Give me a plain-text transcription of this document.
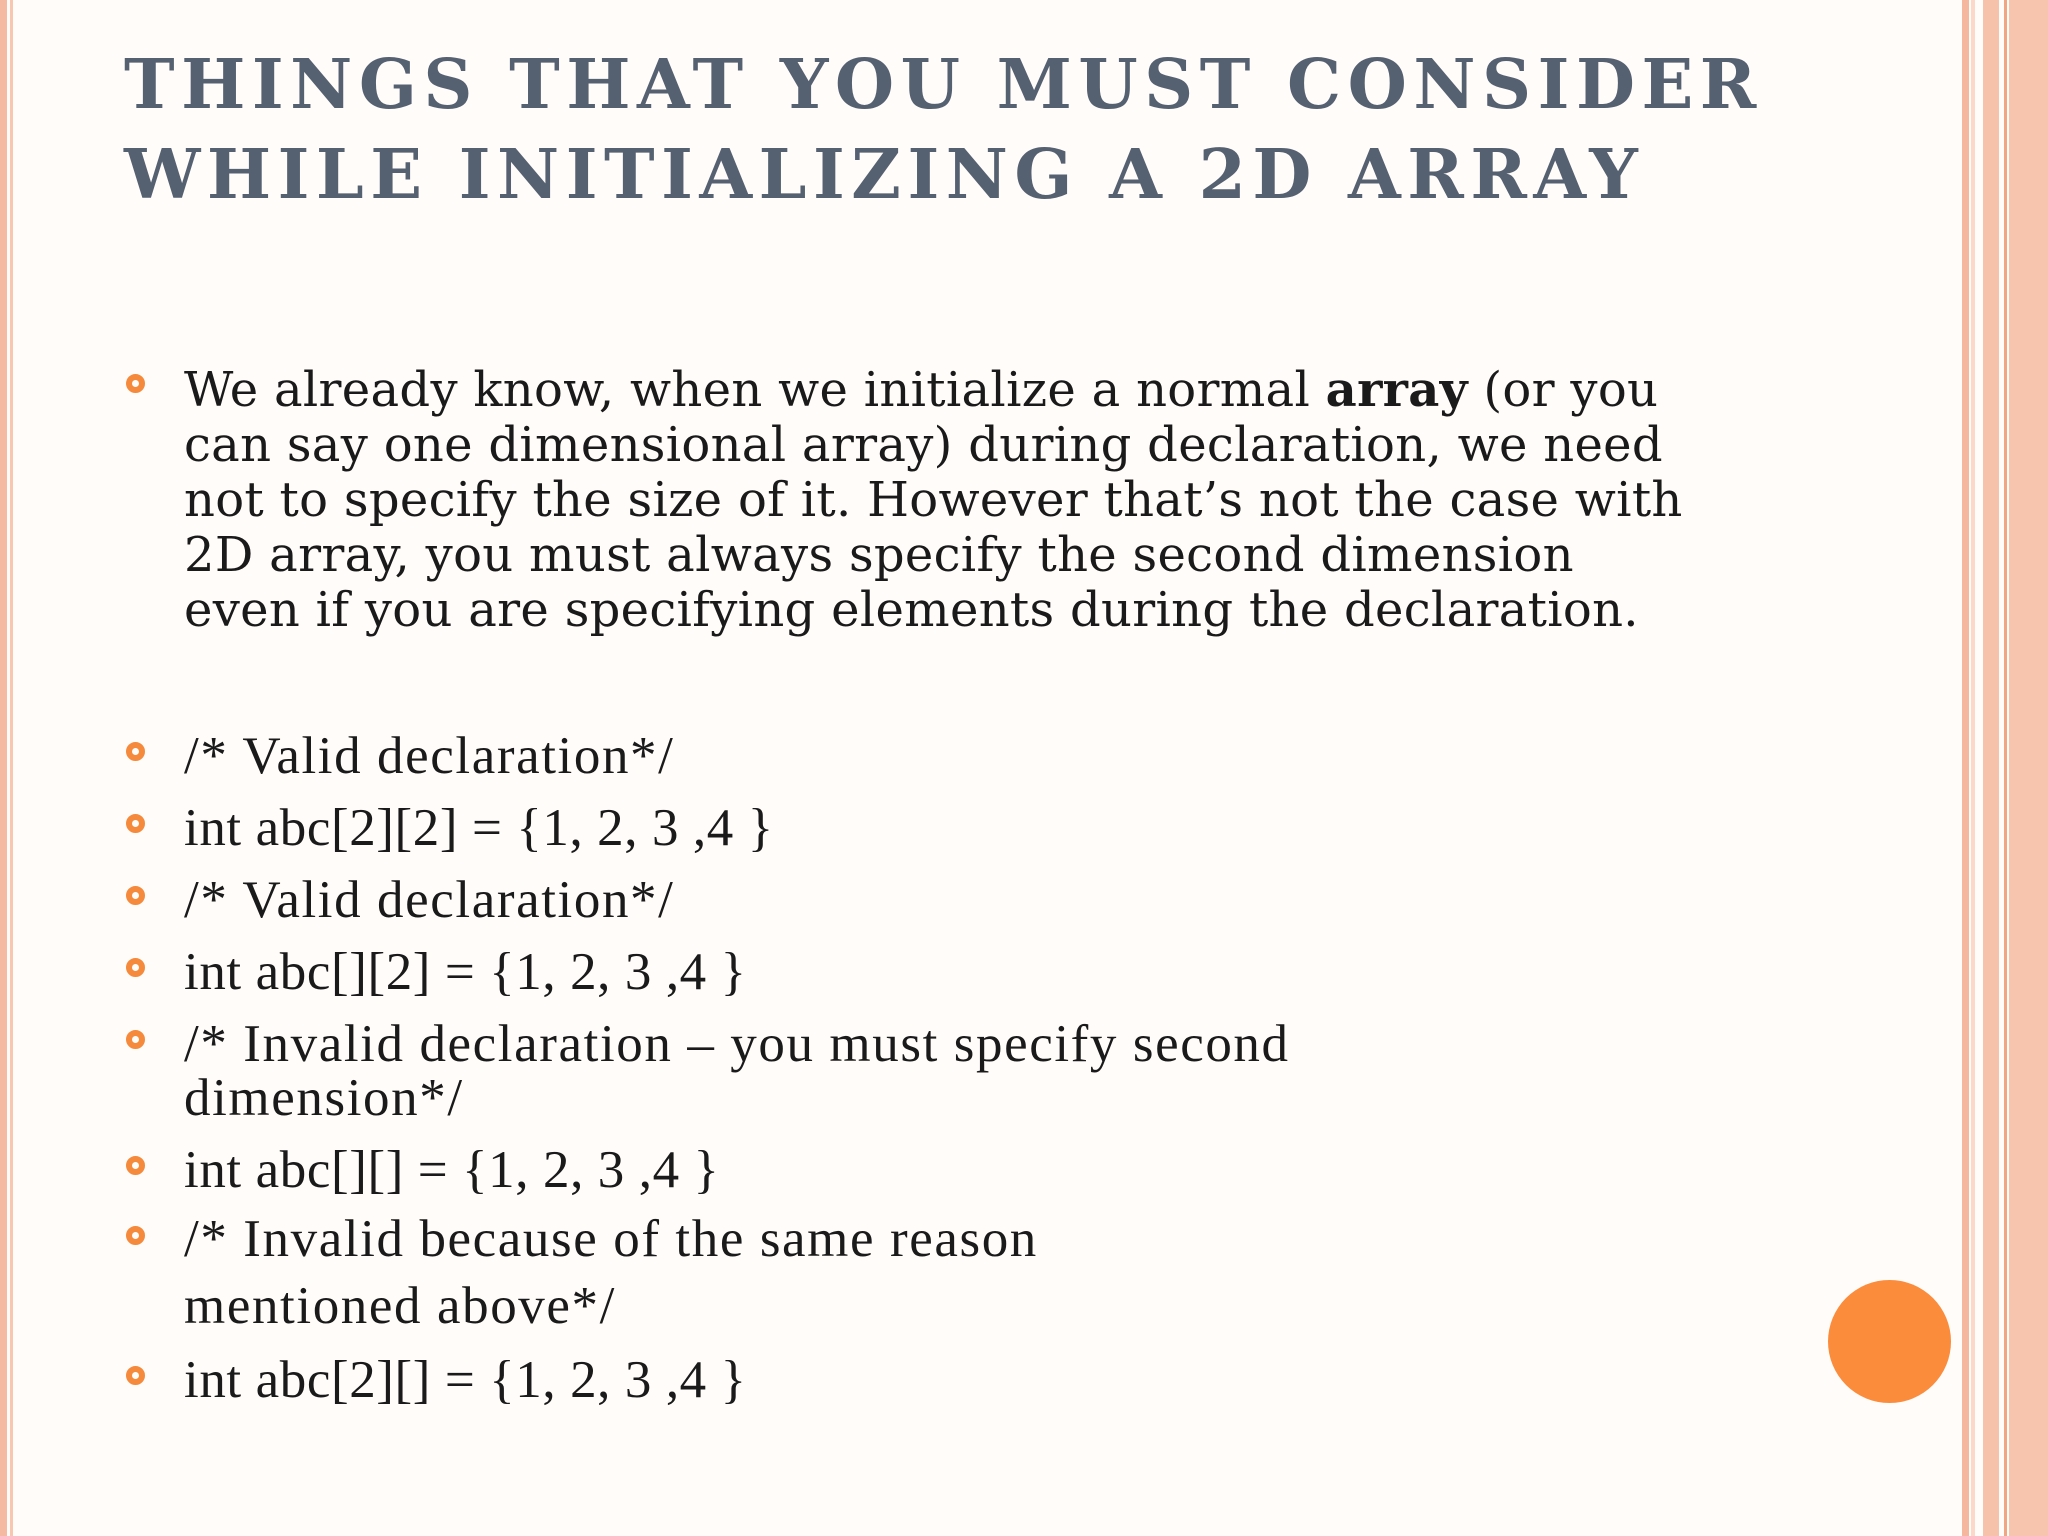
THINGS THAT YOU MUST CONSIDER WHILE INITIALIZING A 2D ARRAY
We already know, when we initialize a normal array (or you can say one dimensional array) during declaration, we need not to specify the size of it. However that’s not the case with 2D array, you must always specify the second dimension even if you are specifying elements during the declaration.
/* Valid declaration*/
int abc[2][2] = {1, 2, 3 ,4 }
/* Valid declaration*/
int abc[][2] = {1, 2, 3 ,4 }
/* Invalid declaration – you must specify second dimension*/
int abc[][] = {1, 2, 3 ,4 }
/* Invalid because of the same reason mentioned above*/
int abc[2][] = {1, 2, 3 ,4 }
